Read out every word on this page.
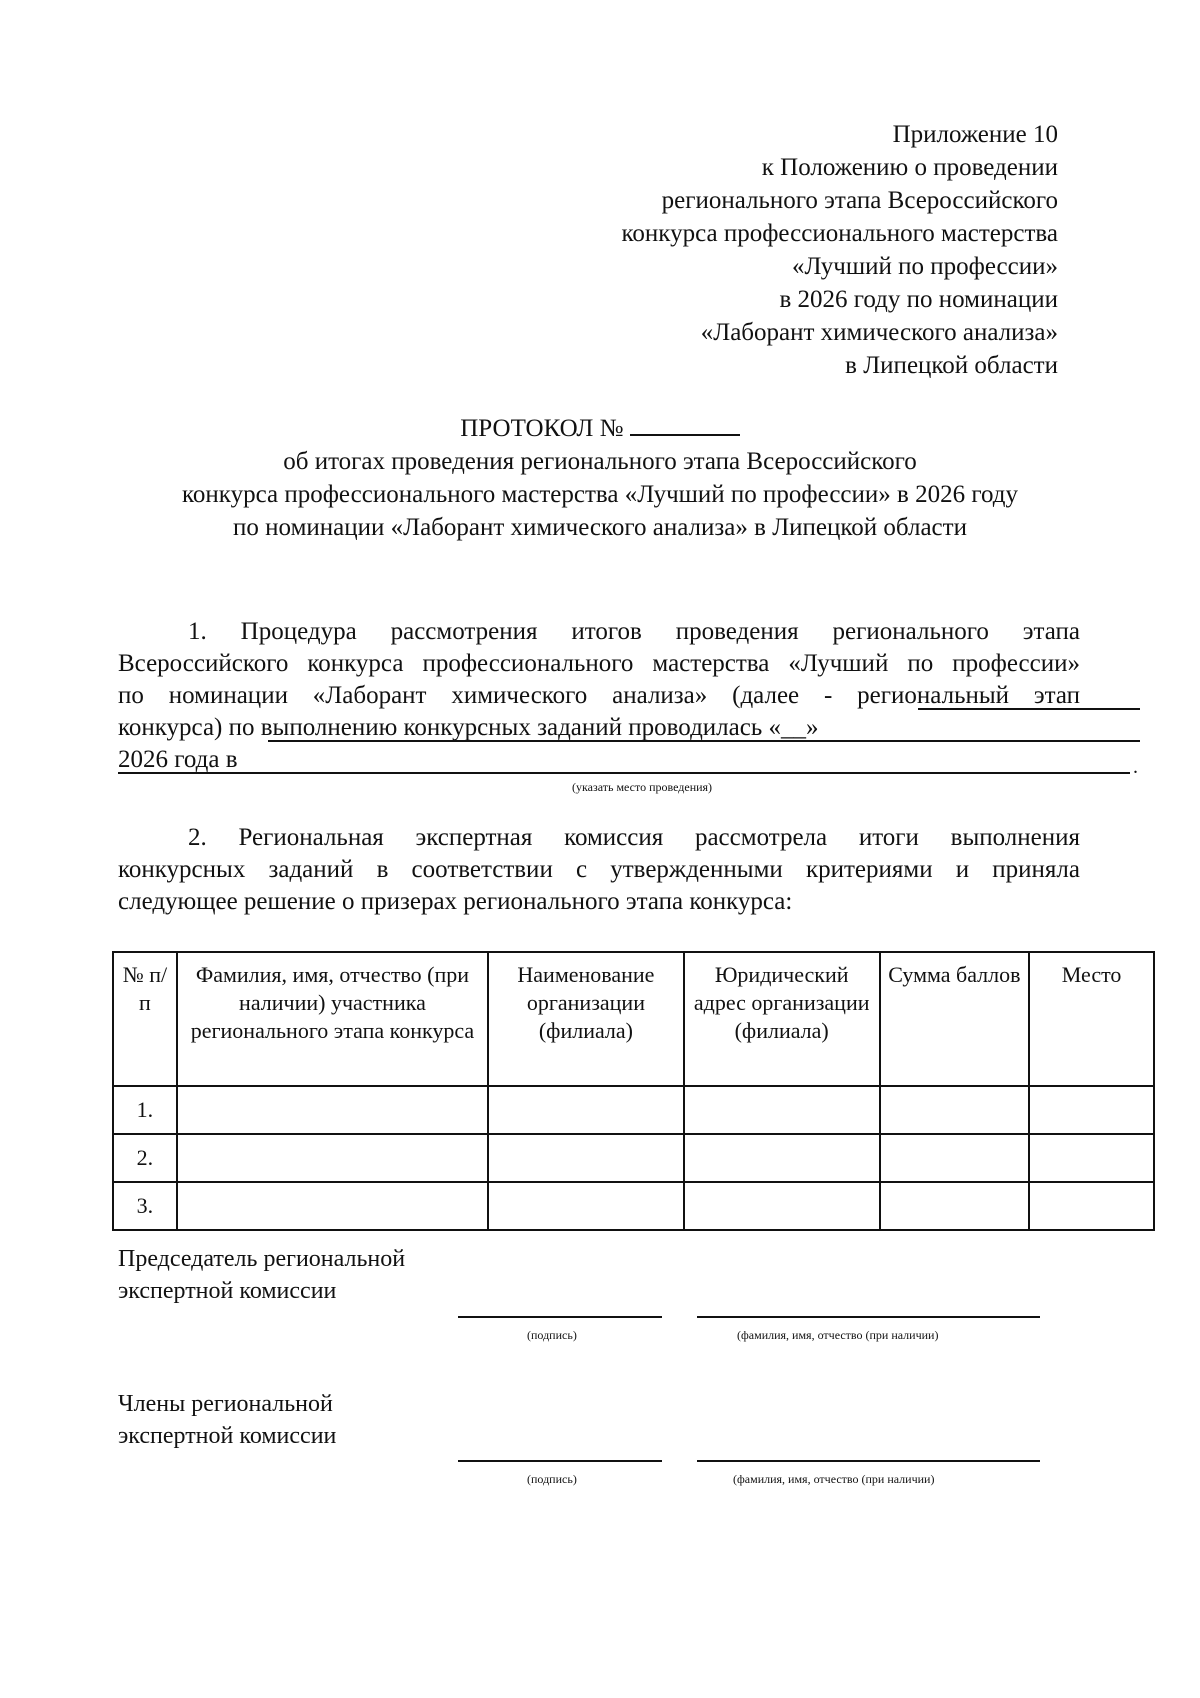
Приложение 10
к Положению о проведении
регионального этапа Всероссийского
конкурса профессионального мастерства
«Лучший по профессии»
в 2026 году по номинации
«Лаборант химического анализа»
в Липецкой области
ПРОТОКОЛ №
об итогах проведения регионального этапа Всероссийского
конкурса профессионального мастерства «Лучший по профессии» в 2026 году
по номинации «Лаборант химического анализа» в Липецкой области
1. Процедура рассмотрения итогов проведения регионального этапа
Всероссийского конкурса профессионального мастерства «Лучший по профессии»
по номинации «Лаборант химического анализа» (далее - региональный этап
конкурса) по выполнению конкурсных заданий проводилась «__»
2026 года в	.
(указать место проведения)
2. Региональная экспертная комиссия рассмотрела итоги выполнения
конкурсных заданий в соответствии с утвержденными критериями и приняла
следующее решение о призерах регионального этапа конкурса:
№ п/п	Фамилия, имя, отчество (при наличии) участника регионального этапа конкурса	Наименование организации (филиала)	Юридический адрес организации (филиала)	Сумма баллов	Место
1.					
2.					
3.					
Председатель региональной
экспертной комиссии
(подпись)	(фамилия, имя, отчество (при наличии)
Члены региональной
экспертной комиссии
(подпись)	(фамилия, имя, отчество (при наличии)
